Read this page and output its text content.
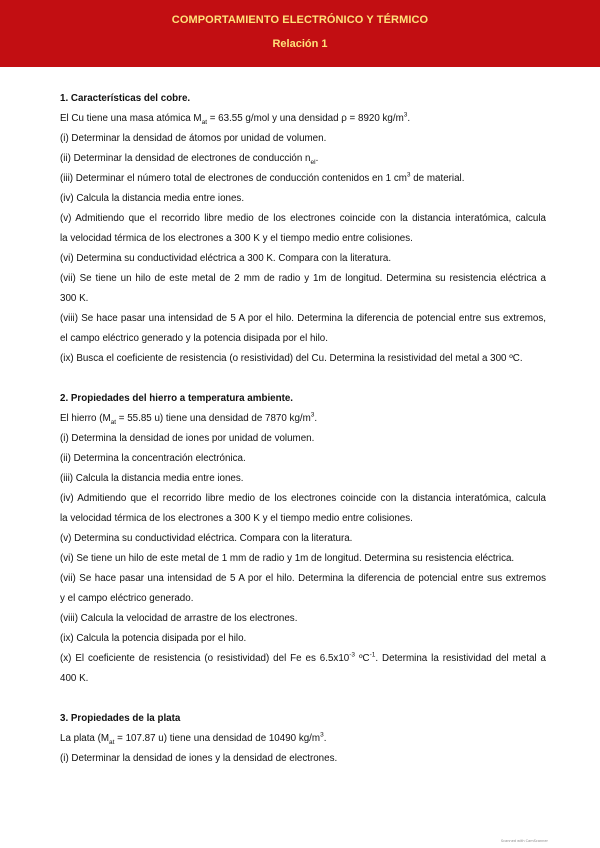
COMPORTAMIENTO ELECTRÓNICO Y TÉRMICO
Relación 1
1. Características del cobre.
El Cu tiene una masa atómica $M_{at} = 63.55$ g/mol y una densidad ρ = 8920 $kg/m^3$.
(i) Determinar la densidad de átomos por unidad de volumen.
(ii) Determinar la densidad de electrones de conducción $n_{el}$.
(iii) Determinar el número total de electrones de conducción contenidos en 1 $cm^3$ de material.
(iv) Calcula la distancia media entre iones.
(v) Admitiendo que el recorrido libre medio de los electrones coincide con la distancia interatómica, calcula
la velocidad térmica de los electrones a 300 K y el tiempo medio entre colisiones.
(vi) Determina su conductividad eléctrica a 300 K. Compara con la literatura.
(vii) Se tiene un hilo de este metal de 2 mm de radio y 1m de longitud. Determina su resistencia eléctrica a
300 K.
(viii) Se hace pasar una intensidad de 5 A por el hilo. Determina la diferencia de potencial entre sus extremos,
el campo eléctrico generado y la potencia disipada por el hilo.
(ix) Busca el coeficiente de resistencia (o resistividad) del Cu. Determina la resistividad del metal a 300 ºC.
2. Propiedades del hierro a temperatura ambiente.
El hierro ($M_{at} = 55.85$ u) tiene una densidad de 7870 $kg/m^3$.
(i) Determina la densidad de iones por unidad de volumen.
(ii) Determina la concentración electrónica.
(iii) Calcula la distancia media entre iones.
(iv) Admitiendo que el recorrido libre medio de los electrones coincide con la distancia interatómica, calcula
la velocidad térmica de los electrones a 300 K y el tiempo medio entre colisiones.
(v) Determina su conductividad eléctrica. Compara con la literatura.
(vi) Se tiene un hilo de este metal de 1 mm de radio y 1m de longitud. Determina su resistencia eléctrica.
(vii) Se hace pasar una intensidad de 5 A por el hilo. Determina la diferencia de potencial entre sus extremos
y el campo eléctrico generado.
(viii) Calcula la velocidad de arrastre de los electrones.
(ix) Calcula la potencia disipada por el hilo.
(x) El coeficiente de resistencia (o resistividad) del Fe es $6.5x10^{-3}$ ºC$^{-1}$. Determina la resistividad del metal a
400 K.
3. Propiedades de la plata
La plata ($M_{at} = 107.87$ u) tiene una densidad de 10490 $kg/m^3$.
(i) Determinar la densidad de iones y la densidad de electrones.
Scanned with CamScanner
